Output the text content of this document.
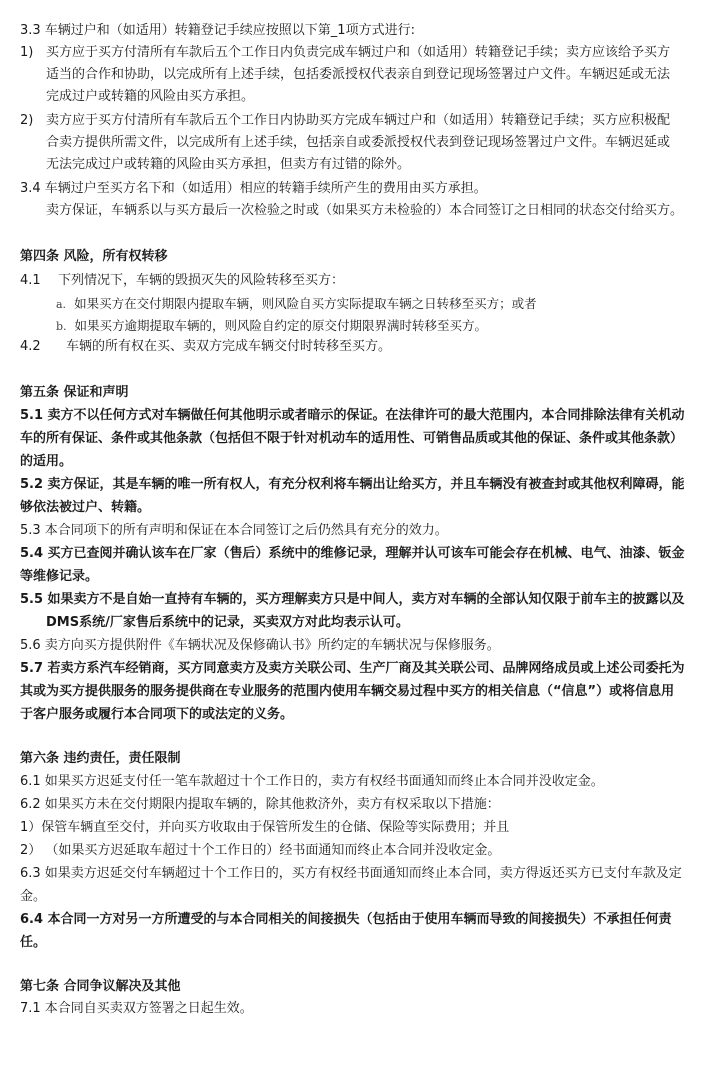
3.3 车辆过户和（如适用）转籍登记手续应按照以下第_1项方式进行:
1) 买方应于买方付清所有车款后五个工作日内负责完成车辆过户和（如适用）转籍登记手续；卖方应该给予买方
适当的合作和协助，以完成所有上述手续，包括委派授权代表亲自到登记现场签署过户文件。车辆迟延或无法
完成过户或转籍的风险由买方承担。
2) 卖方应于买方付清所有车款后五个工作日内协助买方完成车辆过户和（如适用）转籍登记手续；买方应积极配
合卖方提供所需文件，以完成所有上述手续，包括亲自或委派授权代表到登记现场签署过户文件。车辆迟延或
无法完成过户或转籍的风险由买方承担，但卖方有过错的除外。
3.4 车辆过户至买方名下和（如适用）相应的转籍手续所产生的费用由买方承担。
卖方保证，车辆系以与买方最后一次检验之时或（如果买方未检验的）本合同签订之日相同的状态交付给买方。
第四条 风险，所有权转移
4.1 下列情况下，车辆的毁损灭失的风险转移至买方：
a. 如果买方在交付期限内提取车辆，则风险自买方实际提取车辆之日转移至买方；或者
b. 如果买方逾期提取车辆的，则风险自约定的原交付期限界满时转移至买方。
4.2 车辆的所有权在买、卖双方完成车辆交付时转移至买方。
第五条 保证和声明
5.1 卖方不以任何方式对车辆做任何其他明示或者暗示的保证。在法律许可的最大范围内，本合同排除法律有关机动
车的所有保证、条件或其他条款（包括但不限于针对机动车的适用性、可销售品质或其他的保证、条件或其他条款）
的适用。
5.2 卖方保证，其是车辆的唯一所有权人，有充分权利将车辆出让给买方，并且车辆没有被查封或其他权利障碍，能
够依法被过户、转籍。
5.3 本合同项下的所有声明和保证在本合同签订之后仍然具有充分的效力。
5.4 买方已查阅并确认该车在厂家（售后）系统中的维修记录，理解并认可该车可能会存在机械、电气、油漆、钣金
等维修记录。
5.5 如果卖方不是自始一直持有车辆的，买方理解卖方只是中间人，卖方对车辆的全部认知仅限于前车主的披露以及
DMS系统/厂家售后系统中的记录，买卖双方对此均表示认可。
5.6 卖方向买方提供附件《车辆状况及保修确认书》所约定的车辆状况与保修服务。
5.7 若卖方系汽车经销商，买方同意卖方及卖方关联公司、生产厂商及其关联公司、品牌网络成员或上述公司委托为
其或为买方提供服务的服务提供商在专业服务的范围内使用车辆交易过程中买方的相关信息（“信息”）或将信息用
于客户服务或履行本合同项下的或法定的义务。
第六条 违约责任，责任限制
6.1 如果买方迟延支付任一笔车款超过十个工作日的，卖方有权经书面通知而终止本合同并没收定金。
6.2 如果买方未在交付期限内提取车辆的，除其他救济外，卖方有权采取以下措施：
1）保管车辆直至交付，并向买方收取由于保管所发生的仓储、保险等实际费用；并且
2） （如果买方迟延取车超过十个工作日的）经书面通知而终止本合同并没收定金。
6.3 如果卖方迟延交付车辆超过十个工作日的，买方有权经书面通知而终止本合同，卖方得返还买方已支付车款及定
金。
6.4 本合同一方对另一方所遭受的与本合同相关的间接损失（包括由于使用车辆而导致的间接损失）不承担任何责
任。
第七条 合同争议解决及其他
7.1 本合同自买卖双方签署之日起生效。
